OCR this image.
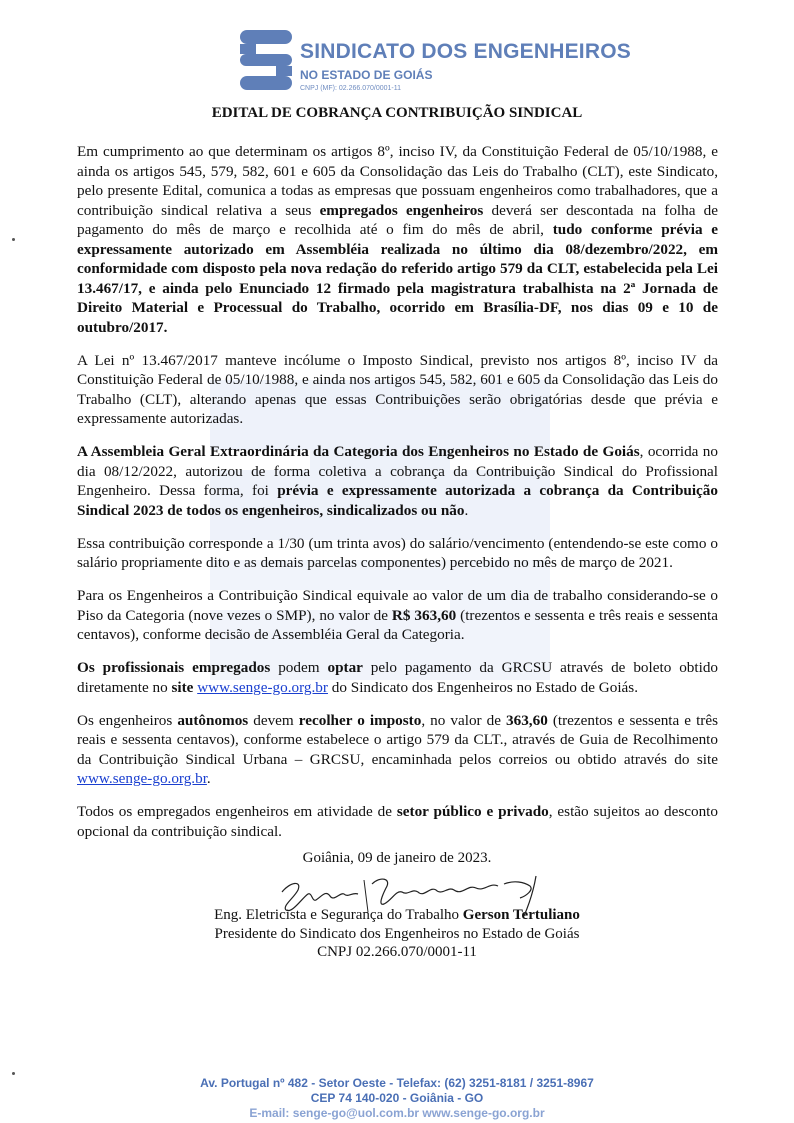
SINDICATO DOS ENGENHEIROS
NO ESTADO DE GOIÁS
CNPJ (MF): 02.266.070/0001-11
EDITAL DE COBRANÇA CONTRIBUIÇÃO SINDICAL

Em cumprimento ao que determinam os artigos 8º, inciso IV, da Constituição Federal de 05/10/1988, e ainda os artigos 545, 579, 582, 601 e 605 da Consolidação das Leis do Trabalho (CLT), este Sindicato, pelo presente Edital, comunica a todas as empresas que possuam engenheiros como trabalhadores, que a contribuição sindical relativa a seus empregados engenheiros deverá ser descontada na folha de pagamento do mês de março e recolhida até o fim do mês de abril, tudo conforme prévia e expressamente autorizado em Assembléia realizada no último dia 08/dezembro/2022, em conformidade com disposto pela nova redação do referido artigo 579 da CLT, estabelecida pela Lei 13.467/17, e ainda pelo Enunciado 12 firmado pela magistratura trabalhista na 2ª Jornada de Direito Material e Processual do Trabalho, ocorrido em Brasília-DF, nos dias 09 e 10 de outubro/2017.

A Lei nº 13.467/2017 manteve incólume o Imposto Sindical, previsto nos artigos 8º, inciso IV da Constituição Federal de 05/10/1988, e ainda nos artigos 545, 582, 601 e 605 da Consolidação das Leis do Trabalho (CLT), alterando apenas que essas Contribuições serão obrigatórias desde que prévia e expressamente autorizadas.

A Assembleia Geral Extraordinária da Categoria dos Engenheiros no Estado de Goiás, ocorrida no dia 08/12/2022, autorizou de forma coletiva a cobrança da Contribuição Sindical do Profissional Engenheiro. Dessa forma, foi prévia e expressamente autorizada a cobrança da Contribuição Sindical 2023 de todos os engenheiros, sindicalizados ou não.

Essa contribuição corresponde a 1/30 (um trinta avos) do salário/vencimento (entendendo-se este como o salário propriamente dito e as demais parcelas componentes) percebido no mês de março de 2021.

Para os Engenheiros a Contribuição Sindical equivale ao valor de um dia de trabalho considerando-se o Piso da Categoria (nove vezes o SMP), no valor de R$ 363,60 (trezentos e sessenta e três reais e sessenta centavos), conforme decisão de Assembléia Geral da Categoria.

Os profissionais empregados podem optar pelo pagamento da GRCSU através de boleto obtido diretamente no site www.senge-go.org.br do Sindicato dos Engenheiros no Estado de Goiás.

Os engenheiros autônomos devem recolher o imposto, no valor de 363,60 (trezentos e sessenta e três reais e sessenta centavos), conforme estabelece o artigo 579 da CLT., através de Guia de Recolhimento da Contribuição Sindical Urbana – GRCSU, encaminhada pelos correios ou obtido através do site www.senge-go.org.br.

Todos os empregados engenheiros em atividade de setor público e privado, estão sujeitos ao desconto opcional da contribuição sindical.

Goiânia, 09 de janeiro de 2023.
Eng. Eletricista e Segurança do Trabalho Gerson Tertuliano
Presidente do Sindicato dos Engenheiros no Estado de Goiás
CNPJ 02.266.070/0001-11
Av. Portugal nº 482 - Setor Oeste - Telefax: (62) 3251-8181 / 3251-8967
CEP 74 140-020 - Goiânia - GO
E-mail: senge-go@uol.com.br www.senge-go.org.br
